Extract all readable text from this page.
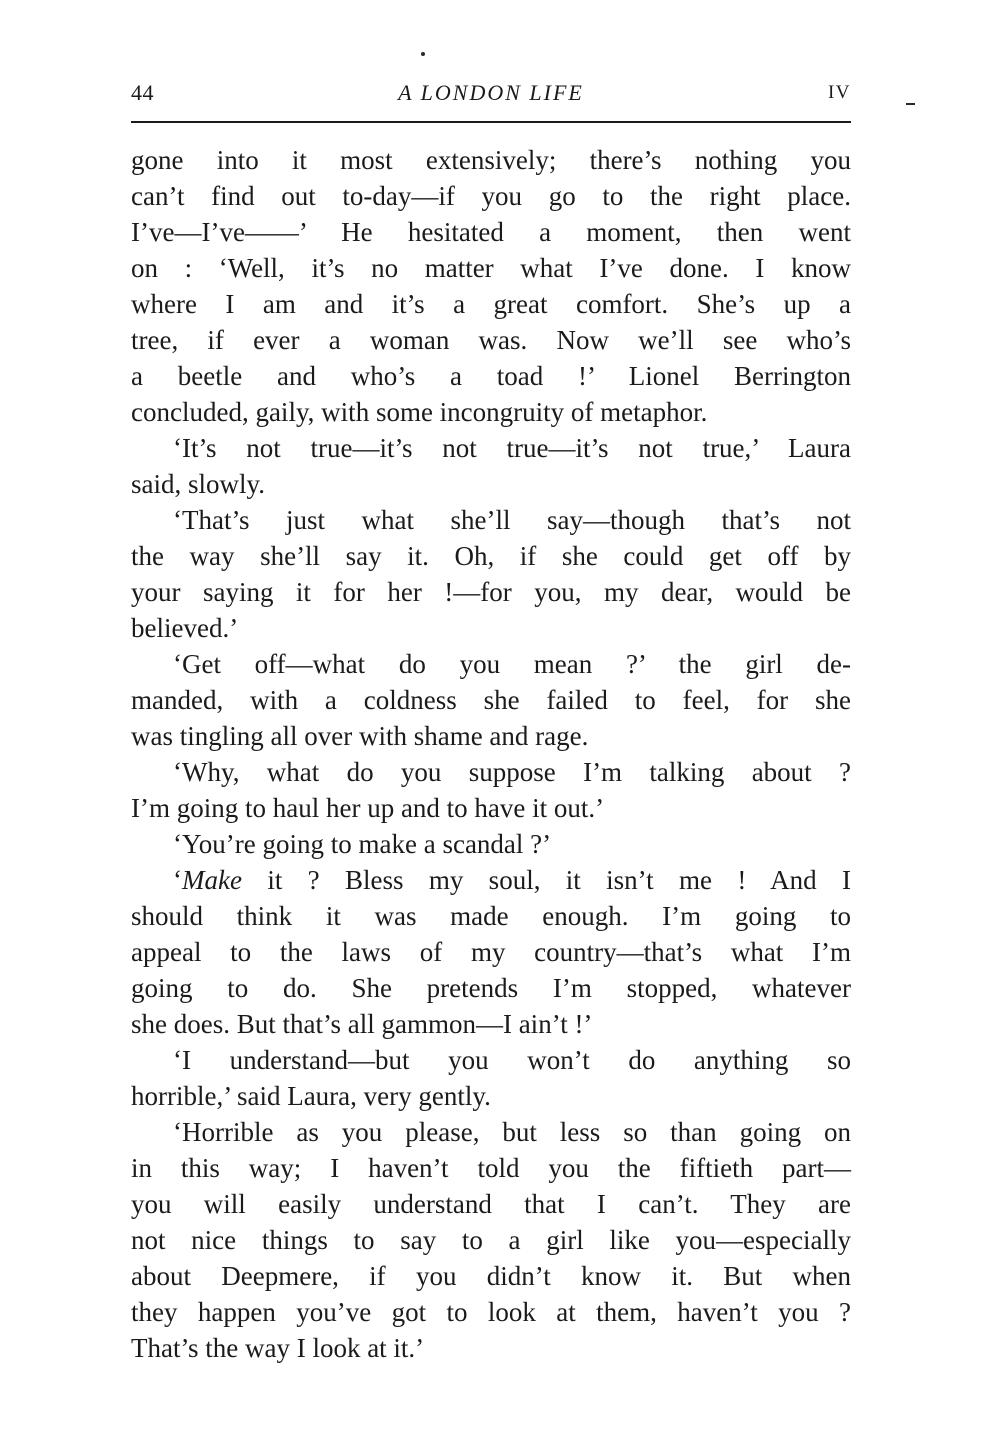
44	A LONDON LIFE	IV
gone into it most extensively; there’s nothing you
can’t find out to-day—if you go to the right place.
I’ve—I’ve——’ He hesitated a moment, then went
on : ‘Well, it’s no matter what I’ve done. I know
where I am and it’s a great comfort. She’s up a
tree, if ever a woman was. Now we’ll see who’s
a beetle and who’s a toad !’ Lionel Berrington
concluded, gaily, with some incongruity of metaphor.
‘It’s not true—it’s not true—it’s not true,’ Laura
said, slowly.
‘That’s just what she’ll say—though that’s not
the way she’ll say it. Oh, if she could get off by
your saying it for her !—for you, my dear, would be
believed.’
‘Get off—what do you mean ?’ the girl de-
manded, with a coldness she failed to feel, for she
was tingling all over with shame and rage.
‘Why, what do you suppose I’m talking about ?
I’m going to haul her up and to have it out.’
‘You’re going to make a scandal ?’
‘Make it ? Bless my soul, it isn’t me ! And I
should think it was made enough. I’m going to
appeal to the laws of my country—that’s what I’m
going to do. She pretends I’m stopped, whatever
she does. But that’s all gammon—I ain’t !’
‘I understand—but you won’t do anything so
horrible,’ said Laura, very gently.
‘Horrible as you please, but less so than going on
in this way; I haven’t told you the fiftieth part—
you will easily understand that I can’t. They are
not nice things to say to a girl like you—especially
about Deepmere, if you didn’t know it. But when
they happen you’ve got to look at them, haven’t you ?
That’s the way I look at it.’
